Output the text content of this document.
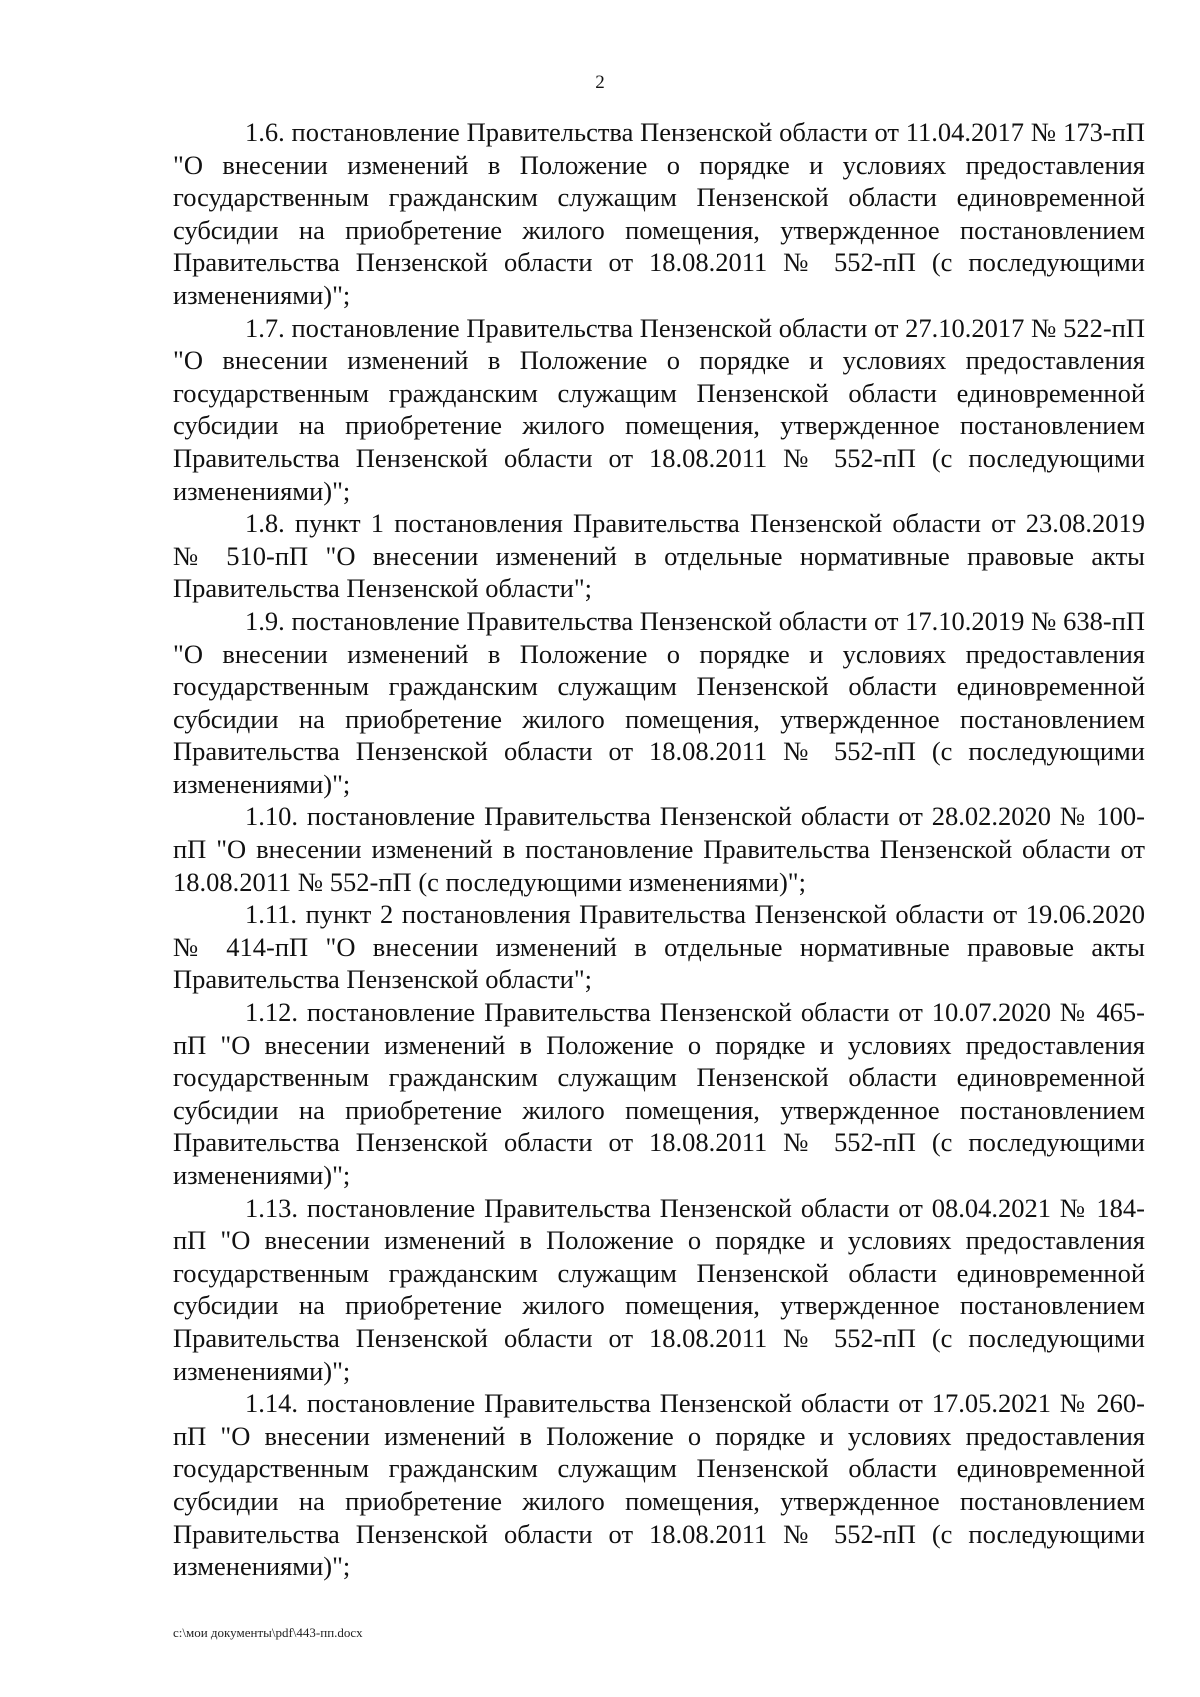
2

1.6. постановление Правительства Пензенской области от 11.04.2017 № 173-пП "О внесении изменений в Положение о порядке и условиях предоставления государственным гражданским служащим Пензенской области единовременной субсидии на приобретение жилого помещения, утвержденное постановлением Правительства Пензенской области от 18.08.2011 № 552-пП (с последующими изменениями)";

1.7. постановление Правительства Пензенской области от 27.10.2017 № 522-пП "О внесении изменений в Положение о порядке и условиях предоставления государственным гражданским служащим Пензенской области единовременной субсидии на приобретение жилого помещения, утвержденное постановлением Правительства Пензенской области от 18.08.2011 № 552-пП (с последующими изменениями)";

1.8. пункт 1 постановления Правительства Пензенской области от 23.08.2019 № 510-пП "О внесении изменений в отдельные нормативные правовые акты Правительства Пензенской области";

1.9. постановление Правительства Пензенской области от 17.10.2019 № 638-пП "О внесении изменений в Положение о порядке и условиях предоставления государственным гражданским служащим Пензенской области единовременной субсидии на приобретение жилого помещения, утвержденное постановлением Правительства Пензенской области от 18.08.2011 № 552-пП (с последующими изменениями)";

1.10. постановление Правительства Пензенской области от 28.02.2020 № 100-пП "О внесении изменений в постановление Правительства Пензенской области от 18.08.2011 № 552-пП (с последующими изменениями)";

1.11. пункт 2 постановления Правительства Пензенской области от 19.06.2020 № 414-пП "О внесении изменений в отдельные нормативные правовые акты Правительства Пензенской области";

1.12. постановление Правительства Пензенской области от 10.07.2020 № 465-пП "О внесении изменений в Положение о порядке и условиях предоставления государственным гражданским служащим Пензенской области единовременной субсидии на приобретение жилого помещения, утвержденное постановлением Правительства Пензенской области от 18.08.2011 № 552-пП (с последующими изменениями)";

1.13. постановление Правительства Пензенской области от 08.04.2021 № 184-пП "О внесении изменений в Положение о порядке и условиях предоставления государственным гражданским служащим Пензенской области единовременной субсидии на приобретение жилого помещения, утвержденное постановлением Правительства Пензенской области от 18.08.2011 № 552-пП (с последующими изменениями)";

1.14. постановление Правительства Пензенской области от 17.05.2021 № 260-пП "О внесении изменений в Положение о порядке и условиях предоставления государственным гражданским служащим Пензенской области единовременной субсидии на приобретение жилого помещения, утвержденное постановлением Правительства Пензенской области от 18.08.2011 № 552-пП (с последующими изменениями)";

c:\мои документы\pdf\443-пп.docx
